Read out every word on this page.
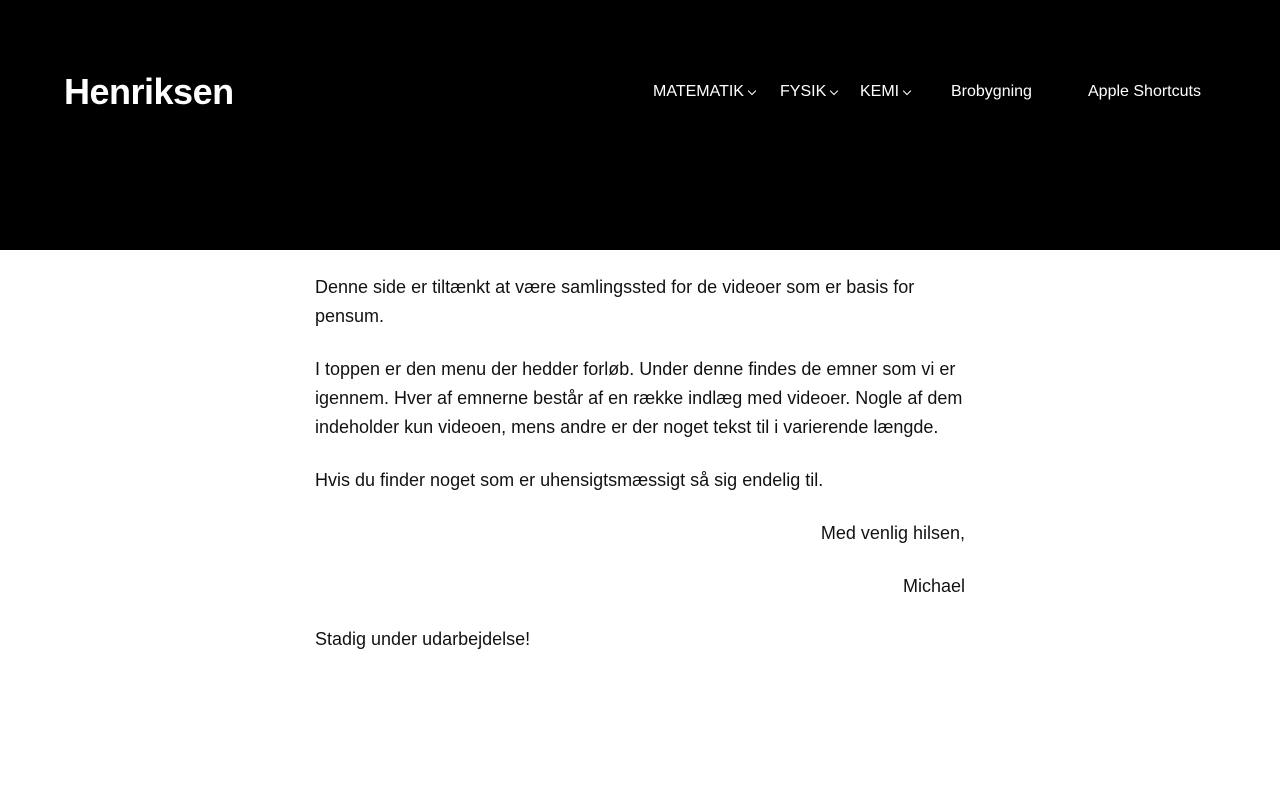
Henriksen	MATEMATIK FYSIK KEMI	Brobygning	Apple Shortcuts

Denne side er tiltænkt at være samlingssted for de videoer som er basis for pensum.

I toppen er den menu der hedder forløb. Under denne findes de emner som vi er igennem. Hver af emnerne består af en række indlæg med videoer. Nogle af dem indeholder kun videoen, mens andre er der noget tekst til i varierende længde.

Hvis du finder noget som er uhensigtsmæssigt så sig endelig til.

Med venlig hilsen,

Michael

Stadig under udarbejdelse!
